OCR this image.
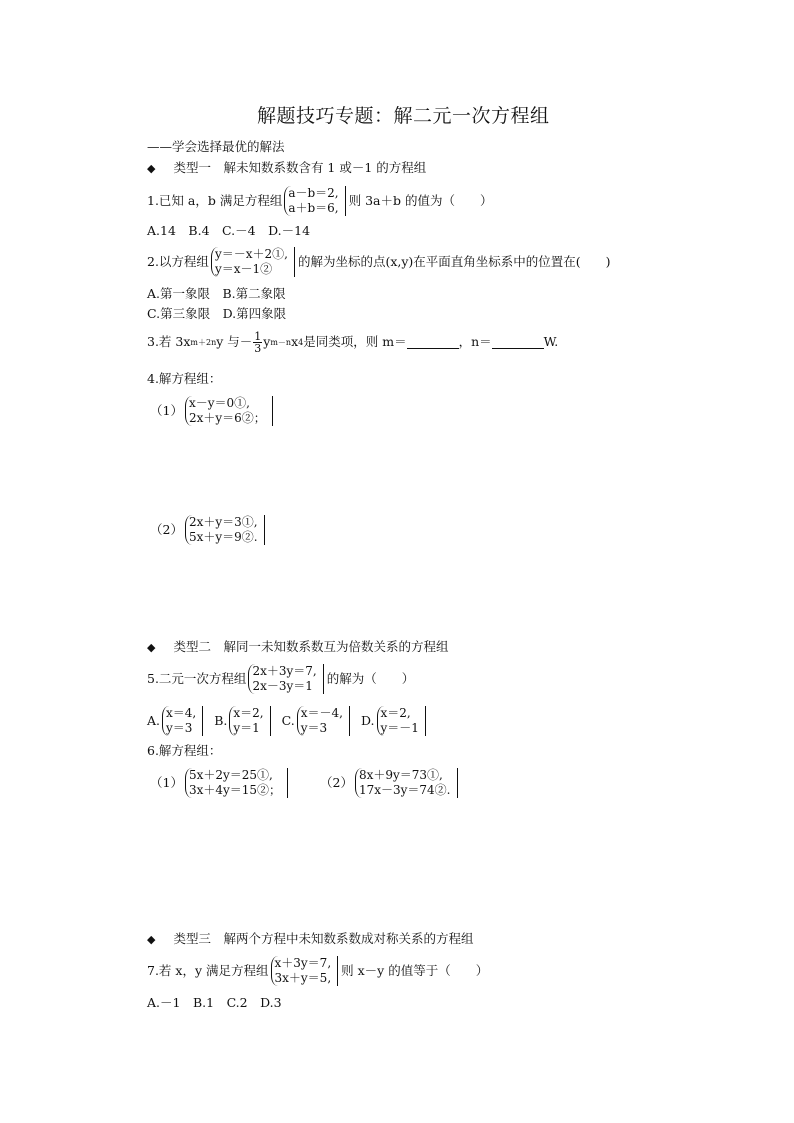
解题技巧专题：解二元一次方程组
——学会选择最优的解法
◆ 类型一　解未知数系数含有 1 或－1 的方程组
1.已知 a，b 满足方程组 a－b＝2,
a＋b＝6,
则 3a＋b 的值为（　　）
A.14　B.4　C.－4　D.－14
2.以方程组 y＝－x＋2①,
y＝x－1②
的解为坐标的点(x,y)在平面直角坐标系中的位置在(　　)
A.第一象限　B.第二象限
C.第三象限　D.第四象限
3.若 3x m＋2n y 与－ $\frac{1}{3}$ y m－n x 4 是同类项，则 m＝	，n＝	W.
4.解方程组：
（1） x－y＝0①,
2x＋y＝6②；
（2） 2x＋y＝3①,
5x＋y＝9②.
◆ 类型二　解同一未知数系数互为倍数关系的方程组
5.二元一次方程组 2x＋3y＝7,
2x－3y＝1
的解为（　　）
A. x＝4,
y＝3
B. x＝2,
y＝1
C. x＝－4,
y＝3
D. x＝2,
y＝－1
6.解方程组：
（1） 5x＋2y＝25①,
3x＋4y＝15②；
（2） 8x＋9y＝73①,
17x－3y＝74②.
◆ 类型三　解两个方程中未知数系数成对称关系的方程组
7.若 x，y 满足方程组 x＋3y＝7,
3x＋y＝5,
则 x－y 的值等于（　　）
A.－1　B.1　C.2　D.3
